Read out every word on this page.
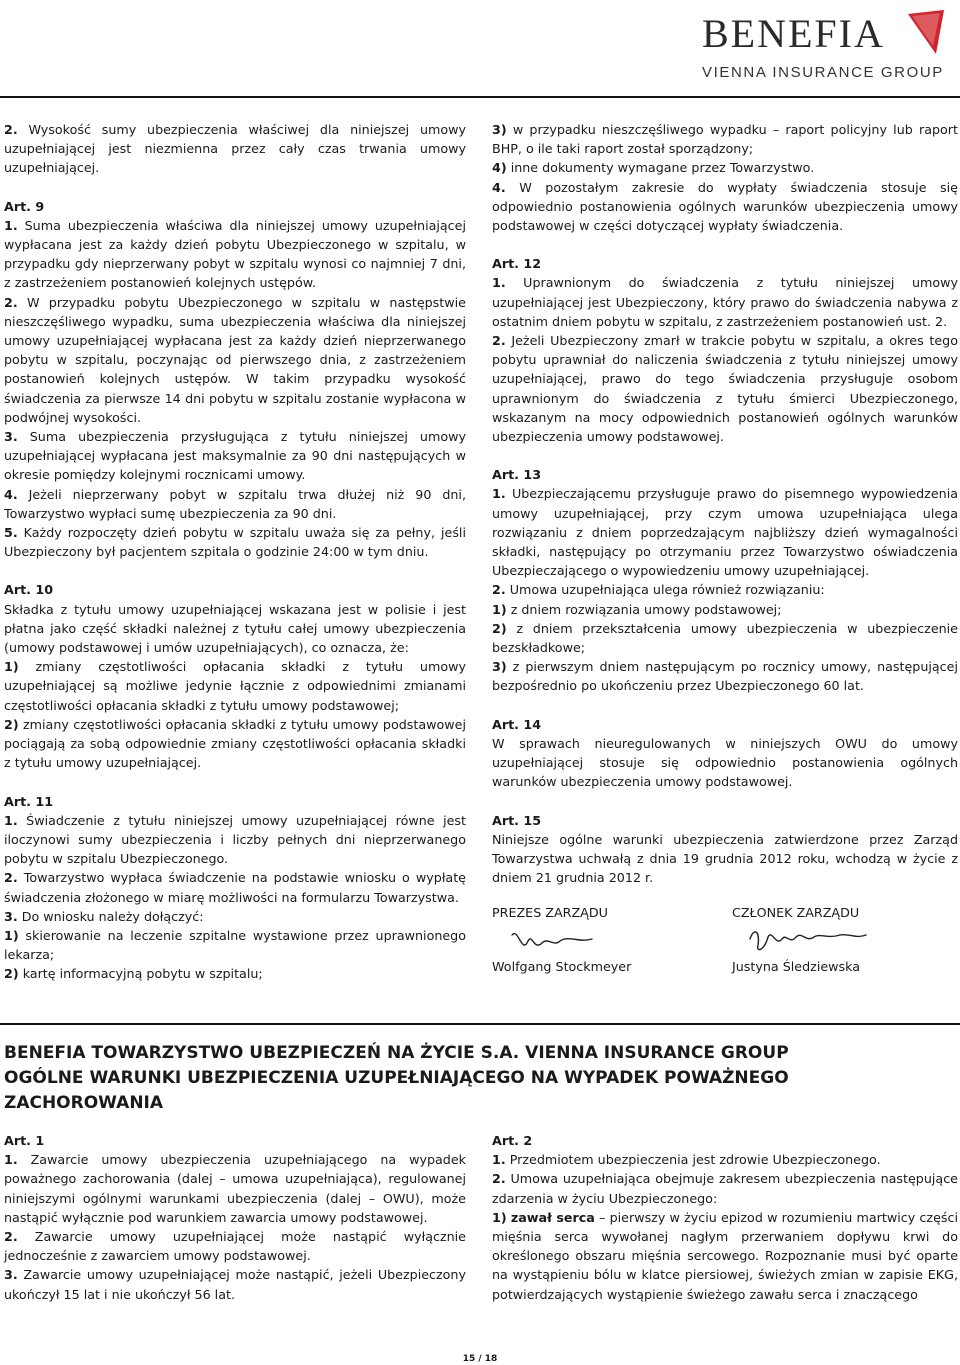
BENEFIA
VIENNA INSURANCE GROUP

2. Wysokość sumy ubezpieczenia właściwej dla niniejszej umowy uzupełniającej jest niezmienna przez cały czas trwania umowy uzupełniającej.

Art. 9

1. Suma ubezpieczenia właściwa dla niniejszej umowy uzupełniającej wypłacana jest za każdy dzień pobytu Ubezpieczonego w szpitalu, w przypadku gdy nieprzerwany pobyt w szpitalu wynosi co najmniej 7 dni, z zastrzeżeniem postanowień kolejnych ustępów.

2. W przypadku pobytu Ubezpieczonego w szpitalu w następstwie nieszczęśliwego wypadku, suma ubezpieczenia właściwa dla niniejszej umowy uzupełniającej wypłacana jest za każdy dzień nieprzerwanego pobytu w szpitalu, poczynając od pierwszego dnia, z zastrzeżeniem postanowień kolejnych ustępów. W takim przypadku wysokość świadczenia za pierwsze 14 dni pobytu w szpitalu zostanie wypłacona w podwójnej wysokości.

3. Suma ubezpieczenia przysługująca z tytułu niniejszej umowy uzupełniającej wypłacana jest maksymalnie za 90 dni następujących w okresie pomiędzy kolejnymi rocznicami umowy.

4. Jeżeli nieprzerwany pobyt w szpitalu trwa dłużej niż 90 dni, Towarzystwo wypłaci sumę ubezpieczenia za 90 dni.

5. Każdy rozpoczęty dzień pobytu w szpitalu uważa się za pełny, jeśli Ubezpieczony był pacjentem szpitala o godzinie 24:00 w tym dniu.

Art. 10

Składka z tytułu umowy uzupełniającej wskazana jest w polisie i jest płatna jako część składki należnej z tytułu całej umowy ubezpieczenia (umowy podstawowej i umów uzupełniających), co oznacza, że:

1) zmiany częstotliwości opłacania składki z tytułu umowy uzupełniającej są możliwe jedynie łącznie z odpowiednimi zmianami częstotliwości opłacania składki z tytułu umowy podstawowej;

2) zmiany częstotliwości opłacania składki z tytułu umowy podstawowej pociągają za sobą odpowiednie zmiany częstotliwości opłacania składki z tytułu umowy uzupełniającej.

Art. 11

1. Świadczenie z tytułu niniejszej umowy uzupełniającej równe jest iloczynowi sumy ubezpieczenia i liczby pełnych dni nieprzerwanego pobytu w szpitalu Ubezpieczonego.

2. Towarzystwo wypłaca świadczenie na podstawie wniosku o wypłatę świadczenia złożonego w miarę możliwości na formularzu Towarzystwa.

3. Do wniosku należy dołączyć:

1) skierowanie na leczenie szpitalne wystawione przez uprawnionego lekarza;

2) kartę informacyjną pobytu w szpitalu;

3) w przypadku nieszczęśliwego wypadku – raport policyjny lub raport BHP, o ile taki raport został sporządzony;

4) inne dokumenty wymagane przez Towarzystwo.

4. W pozostałym zakresie do wypłaty świadczenia stosuje się odpowiednio postanowienia ogólnych warunków ubezpieczenia umowy podstawowej w części dotyczącej wypłaty świadczenia.

Art. 12

1. Uprawnionym do świadczenia z tytułu niniejszej umowy uzupełniającej jest Ubezpieczony, który prawo do świadczenia nabywa z ostatnim dniem pobytu w szpitalu, z zastrzeżeniem postanowień ust. 2.

2. Jeżeli Ubezpieczony zmarł w trakcie pobytu w szpitalu, a okres tego pobytu uprawniał do naliczenia świadczenia z tytułu niniejszej umowy uzupełniającej, prawo do tego świadczenia przysługuje osobom uprawnionym do świadczenia z tytułu śmierci Ubezpieczonego, wskazanym na mocy odpowiednich postanowień ogólnych warunków ubezpieczenia umowy podstawowej.

Art. 13

1. Ubezpieczającemu przysługuje prawo do pisemnego wypowiedzenia umowy uzupełniającej, przy czym umowa uzupełniająca ulega rozwiązaniu z dniem poprzedzającym najbliższy dzień wymagalności składki, następujący po otrzymaniu przez Towarzystwo oświadczenia Ubezpieczającego o wypowiedzeniu umowy uzupełniającej.

2. Umowa uzupełniająca ulega również rozwiązaniu:

1) z dniem rozwiązania umowy podstawowej;

2) z dniem przekształcenia umowy ubezpieczenia w ubezpieczenie bezskładkowe;

3) z pierwszym dniem następującym po rocznicy umowy, następującej bezpośrednio po ukończeniu przez Ubezpieczonego 60 lat.

Art. 14

W sprawach nieuregulowanych w niniejszych OWU do umowy uzupełniającej stosuje się odpowiednio postanowienia ogólnych warunków ubezpieczenia umowy podstawowej.

Art. 15

Niniejsze ogólne warunki ubezpieczenia zatwierdzone przez Zarząd Towarzystwa uchwałą z dnia 19 grudnia 2012 roku, wchodzą w życie z dniem 21 grudnia 2012 r.

PREZES ZARZĄDU
Wolfgang Stockmeyer
CZŁONEK ZARZĄDU
Justyna Śledziewska
BENEFIA TOWARZYSTWO UBEZPIECZEŃ NA ŻYCIE S.A. VIENNA INSURANCE GROUP
OGÓLNE WARUNKI UBEZPIECZENIA UZUPEŁNIAJĄCEGO NA WYPADEK POWAŻNEGO
ZACHOROWANIA

Art. 1

1. Zawarcie umowy ubezpieczenia uzupełniającego na wypadek poważnego zachorowania (dalej – umowa uzupełniająca), regulowanej niniejszymi ogólnymi warunkami ubezpieczenia (dalej – OWU), może nastąpić wyłącznie pod warunkiem zawarcia umowy podstawowej.

2. Zawarcie umowy uzupełniającej może nastąpić wyłącznie jednocześnie z zawarciem umowy podstawowej.

3. Zawarcie umowy uzupełniającej może nastąpić, jeżeli Ubezpieczony ukończył 15 lat i nie ukończył 56 lat.

Art. 2

1. Przedmiotem ubezpieczenia jest zdrowie Ubezpieczonego.

2. Umowa uzupełniająca obejmuje zakresem ubezpieczenia następujące zdarzenia w życiu Ubezpieczonego:

1) zawał serca – pierwszy w życiu epizod w rozumieniu martwicy części mięśnia serca wywołanej nagłym przerwaniem dopływu krwi do określonego obszaru mięśnia sercowego. Rozpoznanie musi być oparte na wystąpieniu bólu w klatce piersiowej, świeżych zmian w zapisie EKG, potwierdzających wystąpienie świeżego zawału serca i znaczącego

15 / 18
